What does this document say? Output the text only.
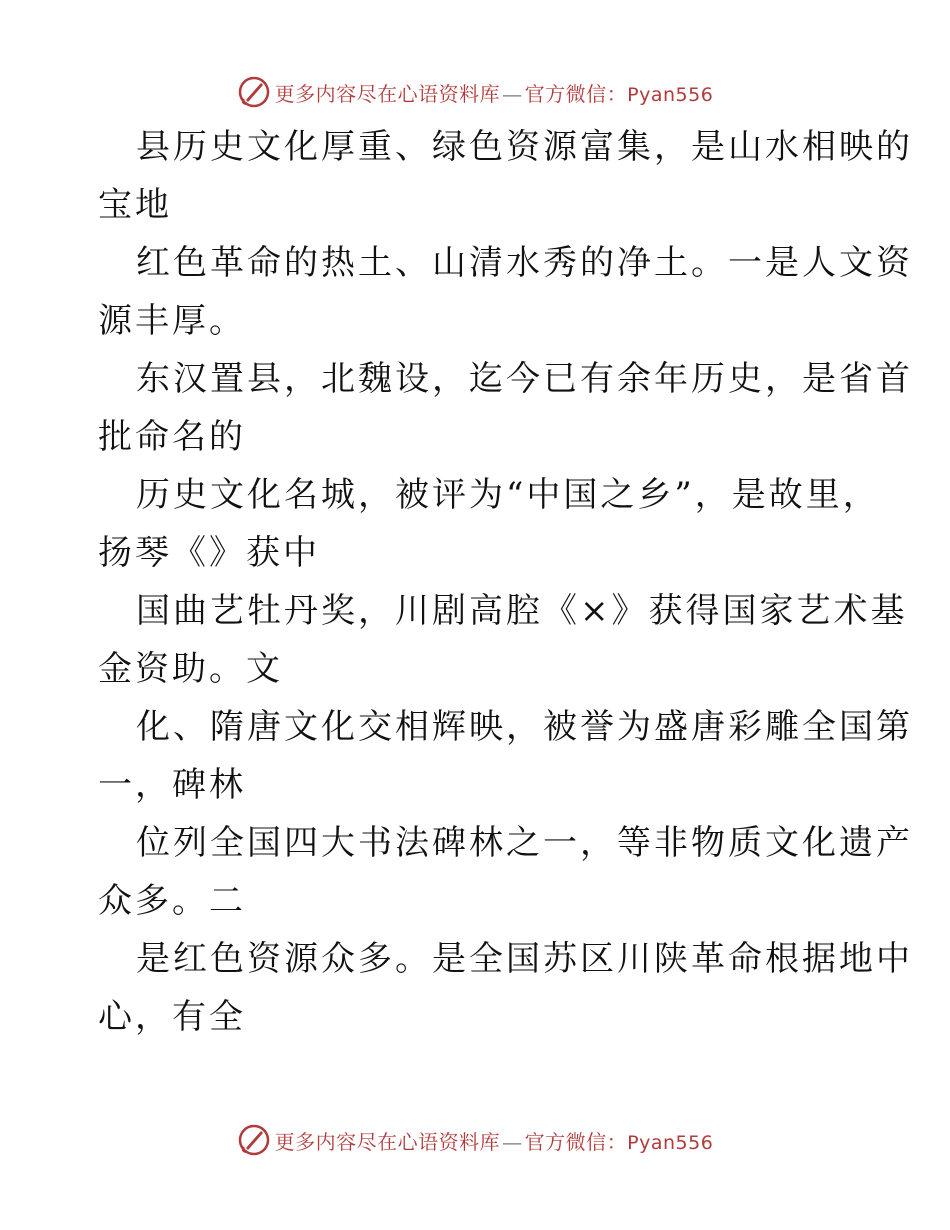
更多内容尽在心语资料库 — 官方微信：Pyan556

县历史文化厚重、绿色资源富集，是山水相映的
宝地

红色革命的热土、山清水秀的净土。一是人文资
源丰厚。

东汉置县，北魏设，迄今已有余年历史，是省首
批命名的

历史文化名城，被评为“中国之乡”，是故里，
扬琴《》获中

国曲艺牡丹奖，川剧高腔《×》获得国家艺术基
金资助。文

化、隋唐文化交相辉映，被誉为盛唐彩雕全国第
一，碑林

位列全国四大书法碑林之一，等非物质文化遗产
众多。二

是红色资源众多。是全国苏区川陕革命根据地中
心，有全

更多内容尽在心语资料库 — 官方微信：Pyan556
